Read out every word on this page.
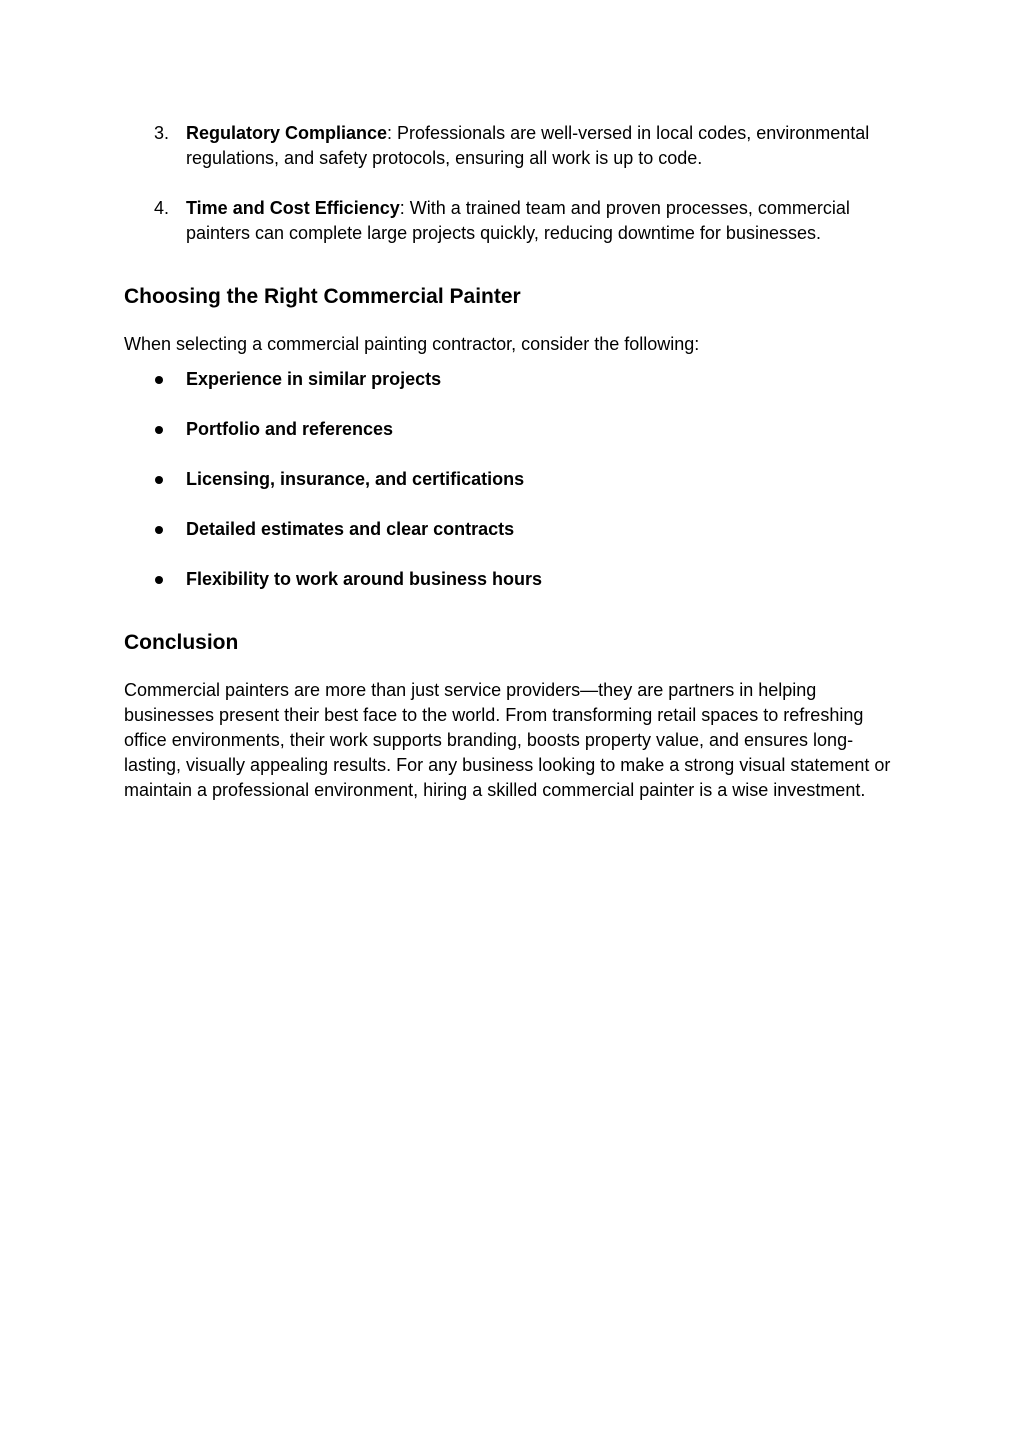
3. Regulatory Compliance: Professionals are well-versed in local codes, environmental regulations, and safety protocols, ensuring all work is up to code.
4. Time and Cost Efficiency: With a trained team and proven processes, commercial painters can complete large projects quickly, reducing downtime for businesses.
Choosing the Right Commercial Painter

When selecting a commercial painting contractor, consider the following:

Experience in similar projects
Portfolio and references
Licensing, insurance, and certifications
Detailed estimates and clear contracts
Flexibility to work around business hours
Conclusion

Commercial painters are more than just service providers—they are partners in helping businesses present their best face to the world. From transforming retail spaces to refreshing office environments, their work supports branding, boosts property value, and ensures long-lasting, visually appealing results. For any business looking to make a strong visual statement or maintain a professional environment, hiring a skilled commercial painter is a wise investment.
